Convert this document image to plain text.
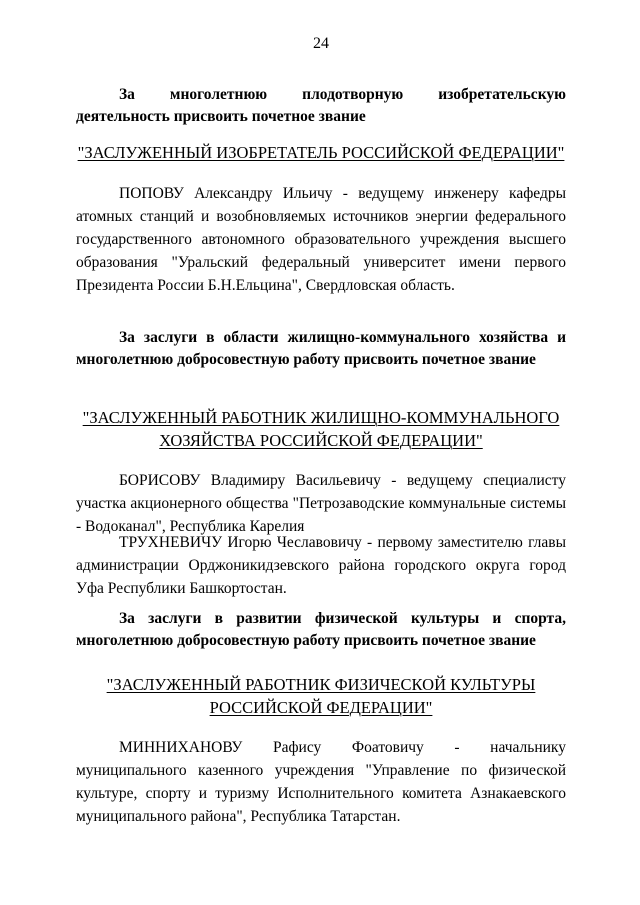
24

За многолетнюю плодотворную изобретательскую деятельность присвоить почетное звание

"ЗАСЛУЖЕННЫЙ ИЗОБРЕТАТЕЛЬ РОССИЙСКОЙ ФЕДЕРАЦИИ"

ПОПОВУ Александру Ильичу - ведущему инженеру кафедры атомных станций и возобновляемых источников энергии федерального государственного автономного образовательного учреждения высшего образования "Уральский федеральный университет имени первого Президента России Б.Н.Ельцина", Свердловская область.

За заслуги в области жилищно-коммунального хозяйства и многолетнюю добросовестную работу присвоить почетное звание

"ЗАСЛУЖЕННЫЙ РАБОТНИК ЖИЛИЩНО-КОММУНАЛЬНОГО

ХОЗЯЙСТВА РОССИЙСКОЙ ФЕДЕРАЦИИ"

БОРИСОВУ Владимиру Васильевичу - ведущему специалисту участка акционерного общества "Петрозаводские коммунальные системы - Водоканал", Республика Карелия

ТРУХНЕВИЧУ Игорю Чеславовичу - первому заместителю главы администрации Орджоникидзевского района городского округа город Уфа Республики Башкортостан.

За заслуги в развитии физической культуры и спорта, многолетнюю добросовестную работу присвоить почетное звание

"ЗАСЛУЖЕННЫЙ РАБОТНИК ФИЗИЧЕСКОЙ КУЛЬТУРЫ

РОССИЙСКОЙ ФЕДЕРАЦИИ"

МИННИХАНОВУ Рафису Фоатовичу - начальнику муниципального казенного учреждения "Управление по физической культуре, спорту и туризму Исполнительного комитета Азнакаевского муниципального района", Республика Татарстан.
